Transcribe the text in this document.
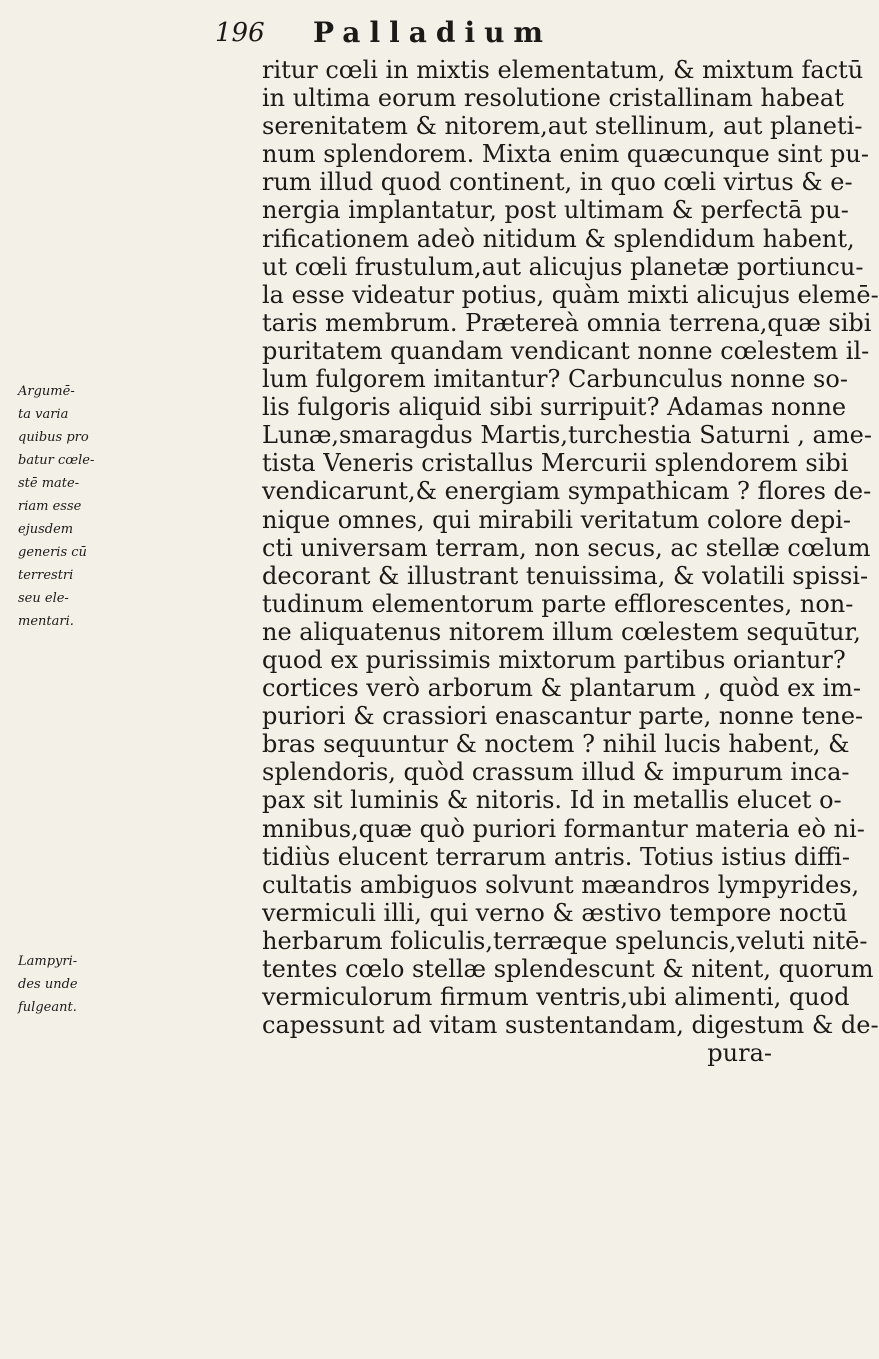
196 Palladium
ritur cœli in mixtis elementatum, & mixtum factū
in ultima eorum resolutione cristallinam habeat
serenitatem & nitorem,aut stellinum, aut planeti-
num splendorem. Mixta enim quæcunque sint pu-
rum illud quod continent, in quo cœli virtus & e-
nergia implantatur, post ultimam & perfectā pu-
rificationem adeò nitidum & splendidum habent,
ut cœli frustulum,aut alicujus planetæ portiuncu-
la esse videatur potius, quàm mixti alicujus elemē-
taris membrum. Prætereà omnia terrena,quæ sibi
puritatem quandam vendicant nonne cœlestem il-
lum fulgorem imitantur? Carbunculus nonne so-
lis fulgoris aliquid sibi surripuit? Adamas nonne
Lunæ,smaragdus Martis,turchestia Saturni , ame-
tista Veneris cristallus Mercurii splendorem sibi
vendicarunt,& energiam sympathicam ? flores de-
nique omnes, qui mirabili veritatum colore depi-
cti universam terram, non secus, ac stellæ cœlum
decorant & illustrant tenuissima, & volatili spissi-
tudinum elementorum parte efflorescentes, non-
ne aliquatenus nitorem illum cœlestem sequūtur,
quod ex purissimis mixtorum partibus oriantur?
cortices verò arborum & plantarum , quòd ex im-
puriori & crassiori enascantur parte, nonne tene-
bras sequuntur & noctem ? nihil lucis habent, &
splendoris, quòd crassum illud & impurum inca-
pax sit luminis & nitoris. Id in metallis elucet o-
mnibus,quæ quò puriori formantur materia eò ni-
tidiùs elucent terrarum antris. Totius istius diffi-
cultatis ambiguos solvunt mæandros lympyrides,
vermiculi illi, qui verno & æstivo tempore noctū
herbarum foliculis,terræque speluncis,veluti nitē-
tentes cœlo stellæ splendescunt & nitent, quorum
vermiculorum firmum ventris,ubi alimenti, quod
capessunt ad vitam sustentandam, digestum & de-
pura-
Argumē-
ta varia
quibus pro
batur cœle-
stē mate-
riam esse
ejusdem
generis cū
terrestri
seu ele-
mentari.
Lampyri-
des unde
fulgeant.
